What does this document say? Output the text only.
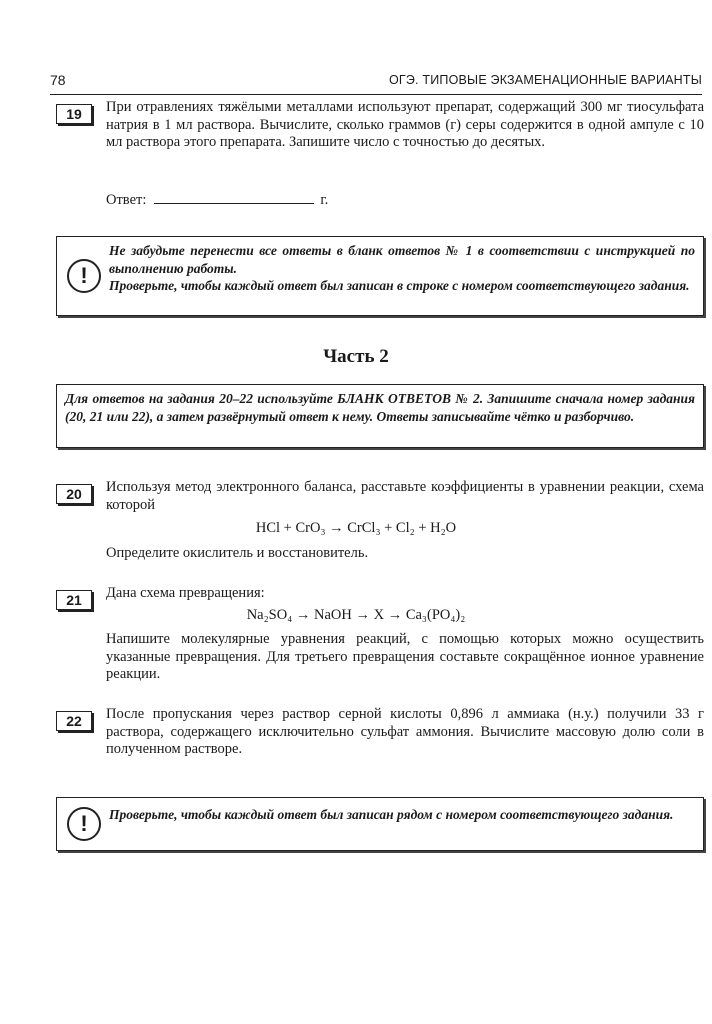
78	ОГЭ. ТИПОВЫЕ ЭКЗАМЕНАЦИОННЫЕ ВАРИАНТЫ
19	При отравлениях тяжёлыми металлами используют препарат, содержащий 300 мг тиосульфата натрия в 1 мл раствора. Вычислите, сколько граммов (г) серы содержится в одной ампуле с 10 мл раствора этого препарата. Запишите число с точностью до десятых.
Ответ:	г.
!

Не забудьте перенести все ответы в бланк ответов № 1 в соответствии с инструкцией по выполнению работы.

Проверьте, чтобы каждый ответ был записан в строке с номером соответствующего задания.

Часть 2
Для ответов на задания 20–22 используйте БЛАНК ОТВЕТОВ № 2. Запишите сначала номер задания (20, 21 или 22), а затем развёрнутый ответ к нему. Ответы записывайте чётко и разборчиво.
20	Используя метод электронного баланса, расставьте коэффициенты в уравнении реакции, схема которой
HCl + CrO₃ → CrCl₃ + Cl₂ + H₂O
Определите окислитель и восстановитель.
21	Дана схема превращения:
Na₂SO₄ → NaOH → X → Ca₃(PO₄)₂
Напишите молекулярные уравнения реакций, с помощью которых можно осуществить указанные превращения. Для третьего превращения составьте сокращённое ионное уравнение реакции.
22	После пропускания через раствор серной кислоты 0,896 л аммиака (н.у.) получили 33 г раствора, содержащего исключительно сульфат аммония. Вычислите массовую долю соли в полученном растворе.
!	Проверьте, чтобы каждый ответ был записан рядом с номером соответствующего задания.
